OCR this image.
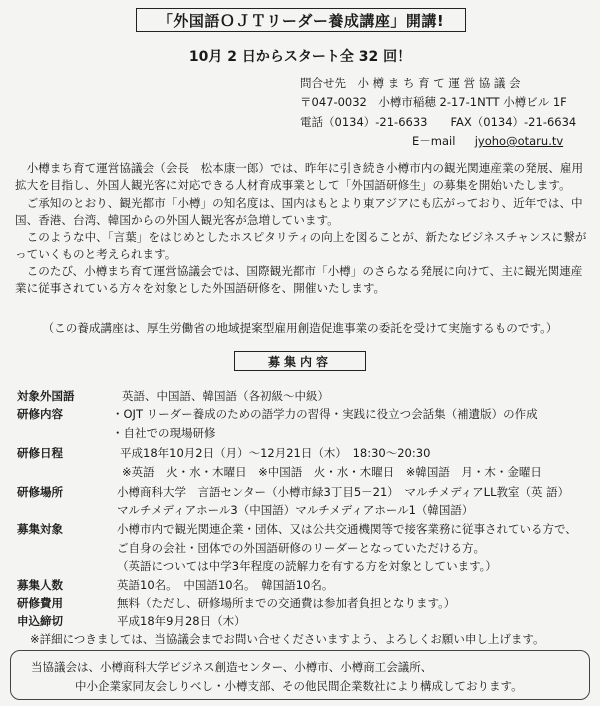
「外国語ＯＪＴリーダー養成講座」開講!
10月 2 日からスタート全 32 回！
問合せ先　小 樽 ま ち 育 て 運 営 協 議 会
〒047-0032　小樽市稲穂 2-17-1NTT 小樽ビル 1F
電話（0134）-21-6633　　FAX（0134）-21-6634
E－mail jyoho@otaru.tv
　小樽まち育て運営協議会（会長　松本康一郎）では、昨年に引き続き小樽市内の観光関連産業の発展、雇用拡大を目指し、外国人観光客に対応できる人材育成事業として「外国語研修生」の募集を開始いたします。
　ご承知のとおり、観光都市「小樽」の知名度は、国内はもとより東アジアにも広がっており、近年では、中国、香港、台湾、韓国からの外国人観光客が急増しています。
　このような中、「言葉」をはじめとしたホスピタリティの向上を図ることが、新たなビジネスチャンスに繋がっていくものと考えられます。
　このたび、小樽まち育て運営協議会では、国際観光都市「小樽」のさらなる発展に向けて、主に観光関連産業に従事されている方々を対象とした外国語研修を、開催いたします。
（この養成講座は、厚生労働省の地域提案型雇用創造促進事業の委託を受けて実施するものです。）
募集内容
対象外国語	英語、中国語、韓国語（各初級～中級）
研修内容	・OJT リーダー養成のための語学力の習得・実践に役立つ会話集（補遺版）の作成
・自社での現場研修
研修日程	平成18年10月2日（月）～12月21日（木）　18:30～20:30
※英語　火・水・木曜日　※中国語　火・水・木曜日　※韓国語　月・木・金曜日
研修場所	小樽商科大学　言語センター（小樽市緑3丁目5－21）　マルチメディアLL教室（英 語）
マルチメディアホール3（中国語）マルチメディアホール1（韓国語）
募集対象	小樽市内で観光関連企業・団体、又は公共交通機関等で接客業務に従事されている方で、
ご自身の会社・団体での外国語研修のリーダーとなっていただける方。
（英語については中学3年程度の読解力を有する方を対象としています。）
募集人数	英語10名。　中国語10名。　韓国語10名。
研修費用	無料（ただし、研修場所までの交通費は参加者負担となります。）
申込締切	平成18年9月28日（木）
※詳細につきましては、当協議会までお問い合せくださいますよう、よろしくお願い申し上げます。
当協議会は、小樽商科大学ビジネス創造センター、小樽市、小樽商工会議所、
中小企業家同友会しりべし・小樽支部、その他民間企業数社により構成しております。
